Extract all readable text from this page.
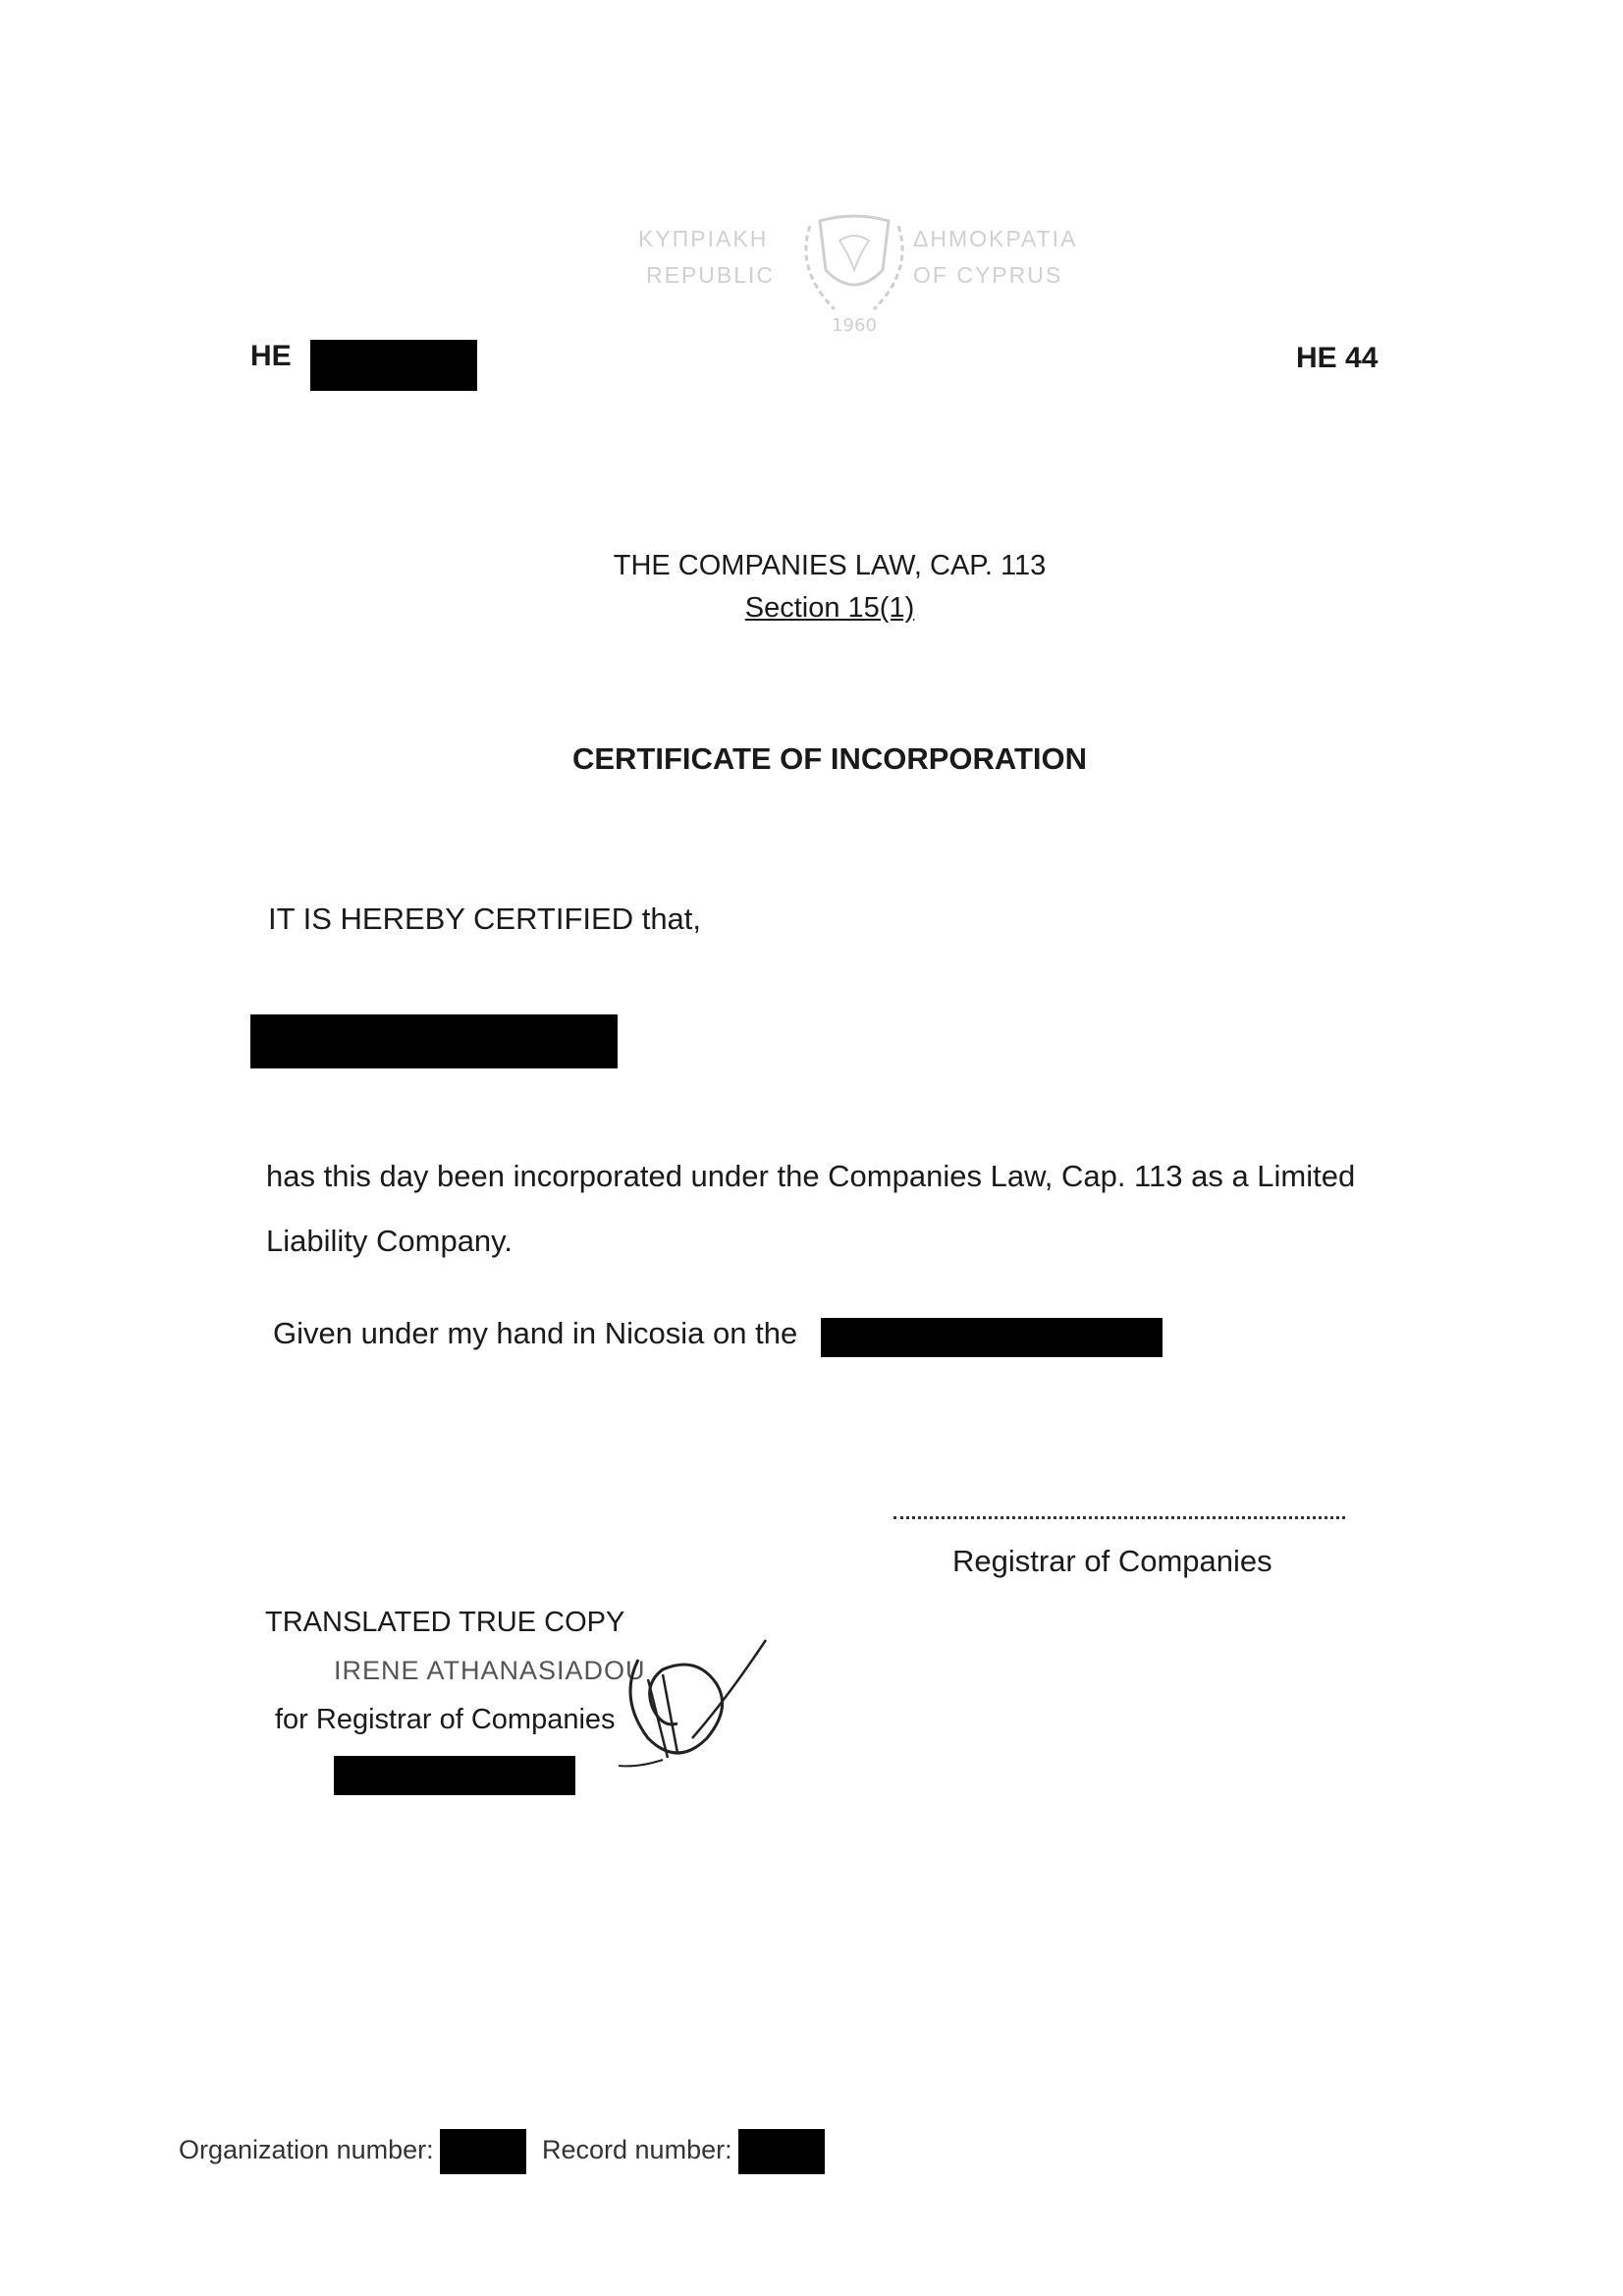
ΚΥΠΡΙΑΚΗ
REPUBLIC
1960
ΔΗΜΟΚΡΑΤΙΑ
OF CYPRUS
HE	HE 44
THE COMPANIES LAW, CAP. 113
Section 15(1)
CERTIFICATE OF INCORPORATION
IT IS HEREBY CERTIFIED that,
has this day been incorporated under the Companies Law, Cap. 113 as a Limited
Liability Company.
Given under my hand in Nicosia on the
Registrar of Companies
TRANSLATED TRUE COPY
IRENE ATHANASIADOU
for Registrar of Companies
Organization number:	Record number:
